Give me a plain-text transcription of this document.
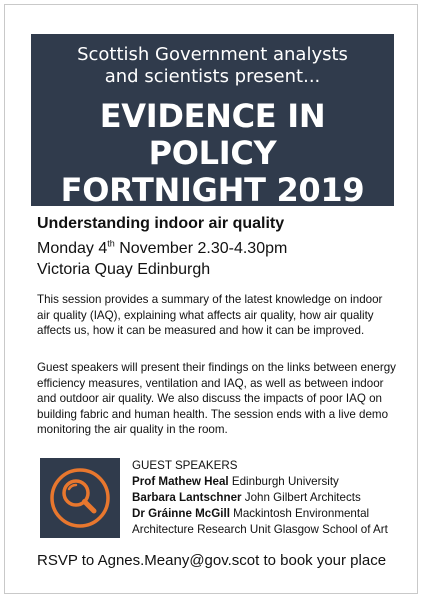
Scottish Government analysts
and scientists present...
EVIDENCE IN POLICY
FORTNIGHT 2019
Understanding indoor air quality
Monday 4th November 2.30-4.30pm
Victoria Quay Edinburgh

This session provides a summary of the latest knowledge on indoor air quality (IAQ), explaining what affects air quality, how air quality affects us, how it can be measured and how it can be improved.

Guest speakers will present their findings on the links between energy efficiency measures, ventilation and IAQ, as well as between indoor and outdoor air quality. We also discuss the impacts of poor IAQ on building fabric and human health. The session ends with a live demo monitoring the air quality in the room.

GUEST SPEAKERS
Prof Mathew Heal Edinburgh University
Barbara Lantschner John Gilbert Architects
Dr Gráinne McGill Mackintosh Environmental
Architecture Research Unit Glasgow School of Art
RSVP to Agnes.Meany@gov.scot to book your place
